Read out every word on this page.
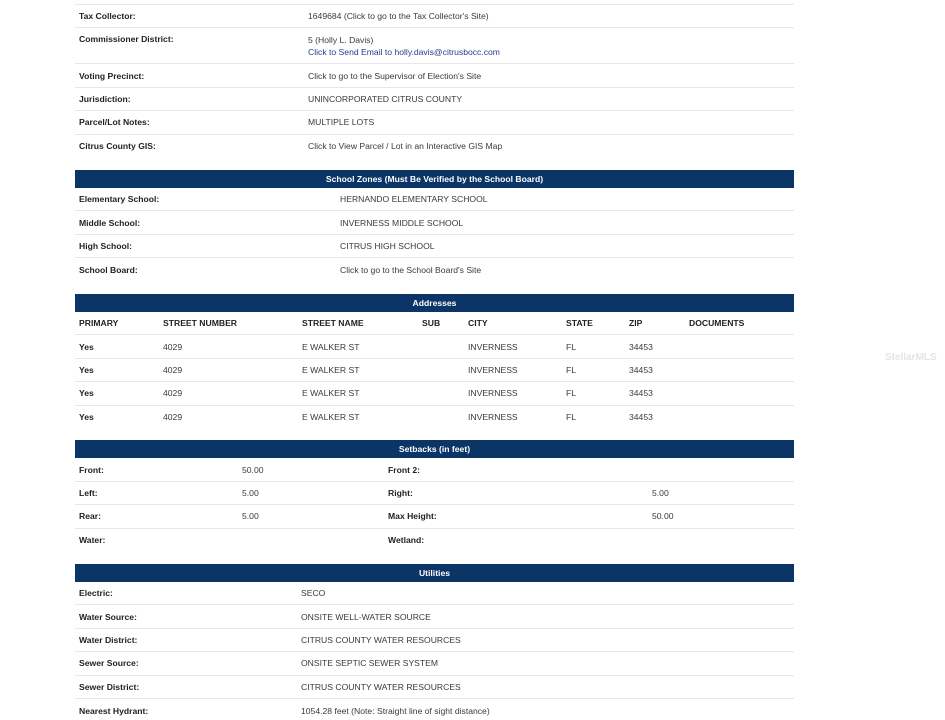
Tax Collector:	1649684 (Click to go to the Tax Collector's Site)
Commissioner District:	5 (Holly L. Davis)
Click to Send Email to holly.davis@citrusbocc.com
Voting Precinct:	Click to go to the Supervisor of Election's Site
Jurisdiction:	UNINCORPORATED CITRUS COUNTY
Parcel/Lot Notes:	MULTIPLE LOTS
Citrus County GIS:	Click to View Parcel / Lot in an Interactive GIS Map
School Zones (Must Be Verified by the School Board)
Elementary School:	HERNANDO ELEMENTARY SCHOOL
Middle School:	INVERNESS MIDDLE SCHOOL
High School:	CITRUS HIGH SCHOOL
School Board:	Click to go to the School Board's Site
Addresses
PRIMARY	STREET NUMBER	STREET NAME	SUB	CITY	STATE	ZIP	DOCUMENTS
Yes	4029	E WALKER ST		INVERNESS	FL	34453	
Yes	4029	E WALKER ST		INVERNESS	FL	34453	
Yes	4029	E WALKER ST		INVERNESS	FL	34453	
Yes	4029	E WALKER ST		INVERNESS	FL	34453	
Setbacks (in feet)
Front:	50.00	Front 2:
Left:	5.00	Right:	5.00
Rear:	5.00	Max Height:	50.00
Water:	Wetland:
Utilities
Electric:	SECO
Water Source:	ONSITE WELL-WATER SOURCE
Water District:	CITRUS COUNTY WATER RESOURCES
Sewer Source:	ONSITE SEPTIC SEWER SYSTEM
Sewer District:	CITRUS COUNTY WATER RESOURCES
Nearest Hydrant:	1054.28 feet (Note: Straight line of sight distance)
StellarMLS
